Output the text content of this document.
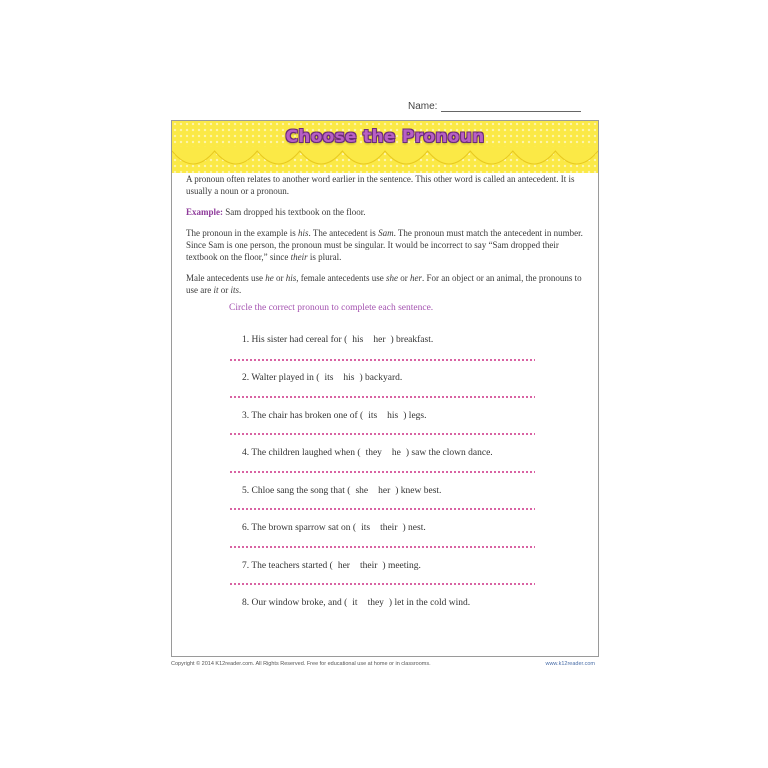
Name:
Choose the Pronoun

A pronoun often relates to another word earlier in the sentence. This other word is called an antecedent. It is usually a noun or a pronoun.

Example: Sam dropped his textbook on the floor.

The pronoun in the example is his. The antecedent is Sam. The pronoun must match the antecedent in number. Since Sam is one person, the pronoun must be singular. It would be incorrect to say “Sam dropped their textbook on the floor,” since their is plural.

Male antecedents use he or his, female antecedents use she or her. For an object or an animal, the pronouns to use are it or its.

Circle the correct pronoun to complete each sentence.
1. His sister had cereal for ( his her ) breakfast.
2. Walter played in ( its his ) backyard.
3. The chair has broken one of ( its his ) legs.
4. The children laughed when ( they he ) saw the clown dance.
5. Chloe sang the song that ( she her ) knew best.
6. The brown sparrow sat on ( its their ) nest.
7. The teachers started ( her their ) meeting.
8. Our window broke, and ( it they ) let in the cold wind.
Copyright © 2014 K12reader.com. All Rights Reserved. Free for educational use at home or in classrooms.	www.k12reader.com
